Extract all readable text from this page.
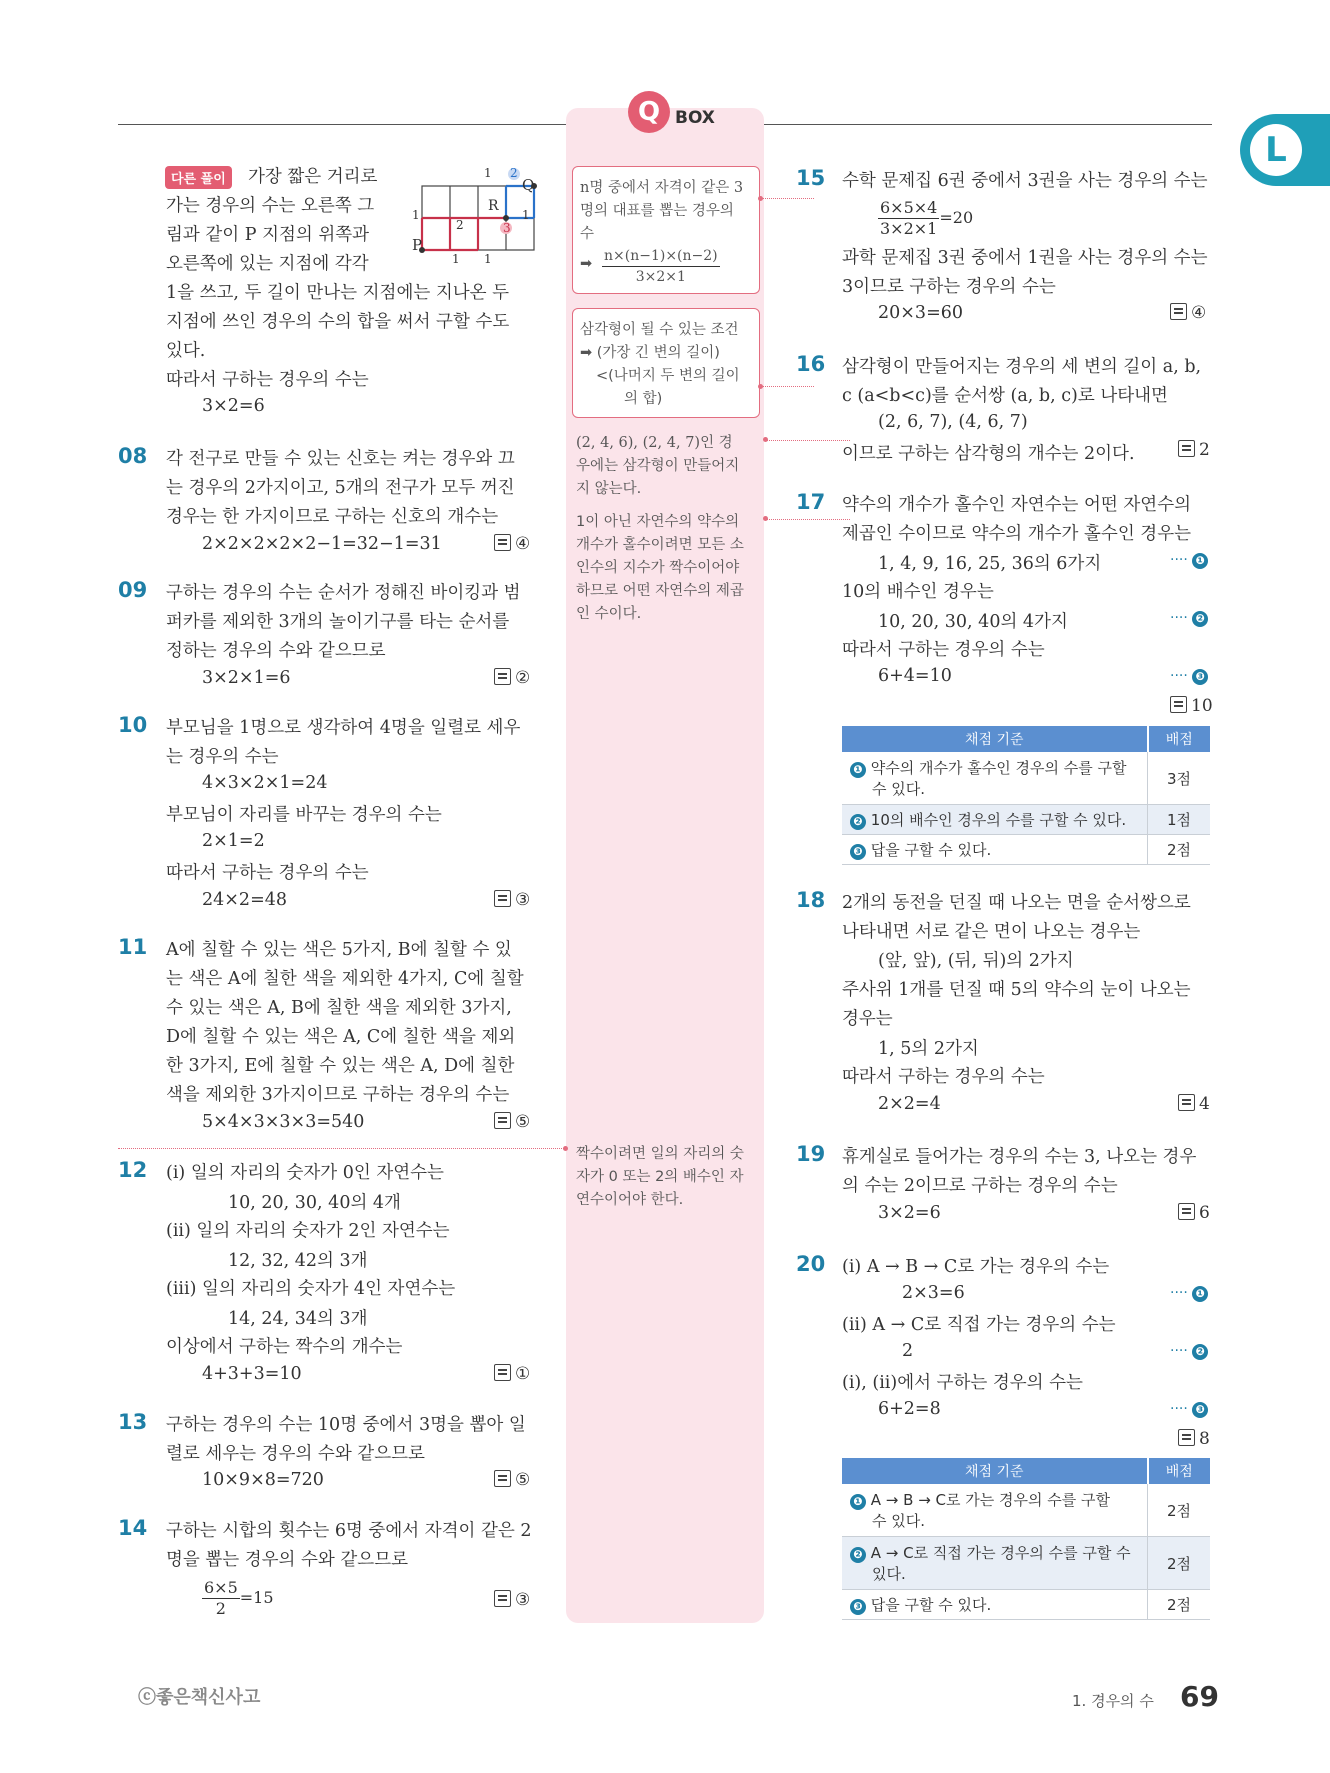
Q BOX
L
다른 풀이	가장 짧은 거리로
가는 경우의 수는 오른쪽 그
림과 같이 P 지점의 위쪽과
오른쪽에 있는 지점에 각각
1을 쓰고, 두 길이 만나는 지점에는 지나온 두
지점에 쓰인 경우의 수의 합을 써서 구할 수도
있다.
따라서 구하는 경우의 수는
3×2=6
P
Q
R
1 2
1	1
2	3
1 1
08 각 전구로 만들 수 있는 신호는 켜는 경우와 끄
는 경우의 2가지이고, 5개의 전구가 모두 꺼진
경우는 한 가지이므로 구하는 신호의 개수는
2×2×2×2×2−1=32−1=31	④
09 구하는 경우의 수는 순서가 정해진 바이킹과 범
퍼카를 제외한 3개의 놀이기구를 타는 순서를
정하는 경우의 수와 같으므로
3×2×1=6	②
10 부모님을 1명으로 생각하여 4명을 일렬로 세우
는 경우의 수는
4×3×2×1=24
부모님이 자리를 바꾸는 경우의 수는
2×1=2
따라서 구하는 경우의 수는
24×2=48	③
11 A에 칠할 수 있는 색은 5가지, B에 칠할 수 있
는 색은 A에 칠한 색을 제외한 4가지, C에 칠할
수 있는 색은 A, B에 칠한 색을 제외한 3가지,
D에 칠할 수 있는 색은 A, C에 칠한 색을 제외
한 3가지, E에 칠할 수 있는 색은 A, D에 칠한
색을 제외한 3가지이므로 구하는 경우의 수는
5×4×3×3×3=540	⑤
12 (i) 일의 자리의 숫자가 0인 자연수는
10, 20, 30, 40의 4개
(ii) 일의 자리의 숫자가 2인 자연수는
12, 32, 42의 3개
(iii) 일의 자리의 숫자가 4인 자연수는
14, 24, 34의 3개
이상에서 구하는 짝수의 개수는
4+3+3=10	①
13 구하는 경우의 수는 10명 중에서 3명을 뽑아 일
렬로 세우는 경우의 수와 같으므로
10×9×8=720	⑤
14 구하는 시합의 횟수는 6명 중에서 자격이 같은 2
명을 뽑는 경우의 수와 같으므로
$\frac{6\times 5}{2} =15$	③
n명 중에서 자격이 같은 3
명의 대표를 뽑는 경우의
수
➡ $\frac{n\times(n-1)\times(n-2)}{3\times 2\times 1}$
삼각형이 될 수 있는 조건
➡ (가장 긴 변의 길이)
<(나머지 두 변의 길이
의 합)
(2, 4, 6), (2, 4, 7)인 경
우에는 삼각형이 만들어지
지 않는다.
1이 아닌 자연수의 약수의
개수가 홀수이려면 모든 소
인수의 지수가 짝수이어야
하므로 어떤 자연수의 제곱
인 수이다.
짝수이려면 일의 자리의 숫
자가 0 또는 2의 배수인 자
연수이어야 한다.
15 수학 문제집 6권 중에서 3권을 사는 경우의 수는
$\frac{6\times 5\times 4}{3\times 2\times 1} =20$
과학 문제집 3권 중에서 1권을 사는 경우의 수는
3이므로 구하는 경우의 수는
20×3=60	④
16 삼각형이 만들어지는 경우의 세 변의 길이 a, b,
c (a<b<c)를 순서쌍 (a, b, c)로 나타내면
(2, 6, 7), (4, 6, 7)
이므로 구하는 삼각형의 개수는 2이다.	2
17 약수의 개수가 홀수인 자연수는 어떤 자연수의
제곱인 수이므로 약수의 개수가 홀수인 경우는
1, 4, 9, 16, 25, 36의 6가지	···· ❶
10의 배수인 경우는
10, 20, 30, 40의 4가지	···· ❷
따라서 구하는 경우의 수는
6+4=10	···· ❸
10
채점 기준	배점
❶ 약수의 개수가 홀수인 경우의 수를 구할
수 있다.	3점
❷ 10의 배수인 경우의 수를 구할 수 있다.	1점
❸ 답을 구할 수 있다.	2점
18 2개의 동전을 던질 때 나오는 면을 순서쌍으로
나타내면 서로 같은 면이 나오는 경우는
(앞, 앞), (뒤, 뒤)의 2가지
주사위 1개를 던질 때 5의 약수의 눈이 나오는
경우는
1, 5의 2가지
따라서 구하는 경우의 수는
2×2=4	4
19 휴게실로 들어가는 경우의 수는 3, 나오는 경우
의 수는 2이므로 구하는 경우의 수는
3×2=6	6
20 (i) A → B → C로 가는 경우의 수는
2×3=6	···· ❶
(ii) A → C로 직접 가는 경우의 수는
2	···· ❷
(i), (ii)에서 구하는 경우의 수는
6+2=8	···· ❸
8
채점 기준	배점
❶ A → B → C로 가는 경우의 수를 구할
수 있다.	2점
❷ A → C로 직접 가는 경우의 수를 구할 수
있다.	2점
❸ 답을 구할 수 있다.	2점
ⓒ좋은책신사고	1. 경우의 수 69
